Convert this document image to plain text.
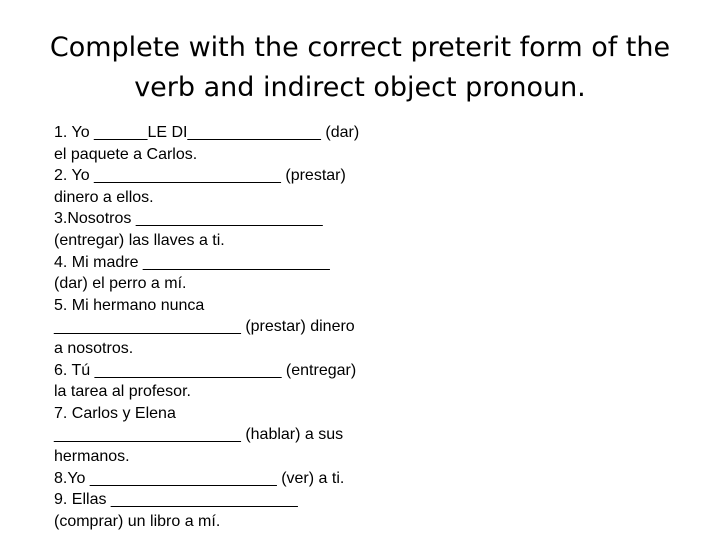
Complete with the correct preterit form of the verb and indirect object pronoun.
1. Yo ______LE DI_______________ (dar)
el paquete a Carlos.
2. Yo _____________________ (prestar)
dinero a ellos.
3.Nosotros _____________________
(entregar) las llaves a ti.
4. Mi madre _____________________
(dar) el perro a mí.
5. Mi hermano nunca
_____________________ (prestar) dinero
a nosotros.
6. Tú _____________________ (entregar)
la tarea al profesor.
7. Carlos y Elena
_____________________ (hablar) a sus
hermanos.
8.Yo _____________________ (ver) a ti.
9. Ellas _____________________
(comprar) un libro a mí.
